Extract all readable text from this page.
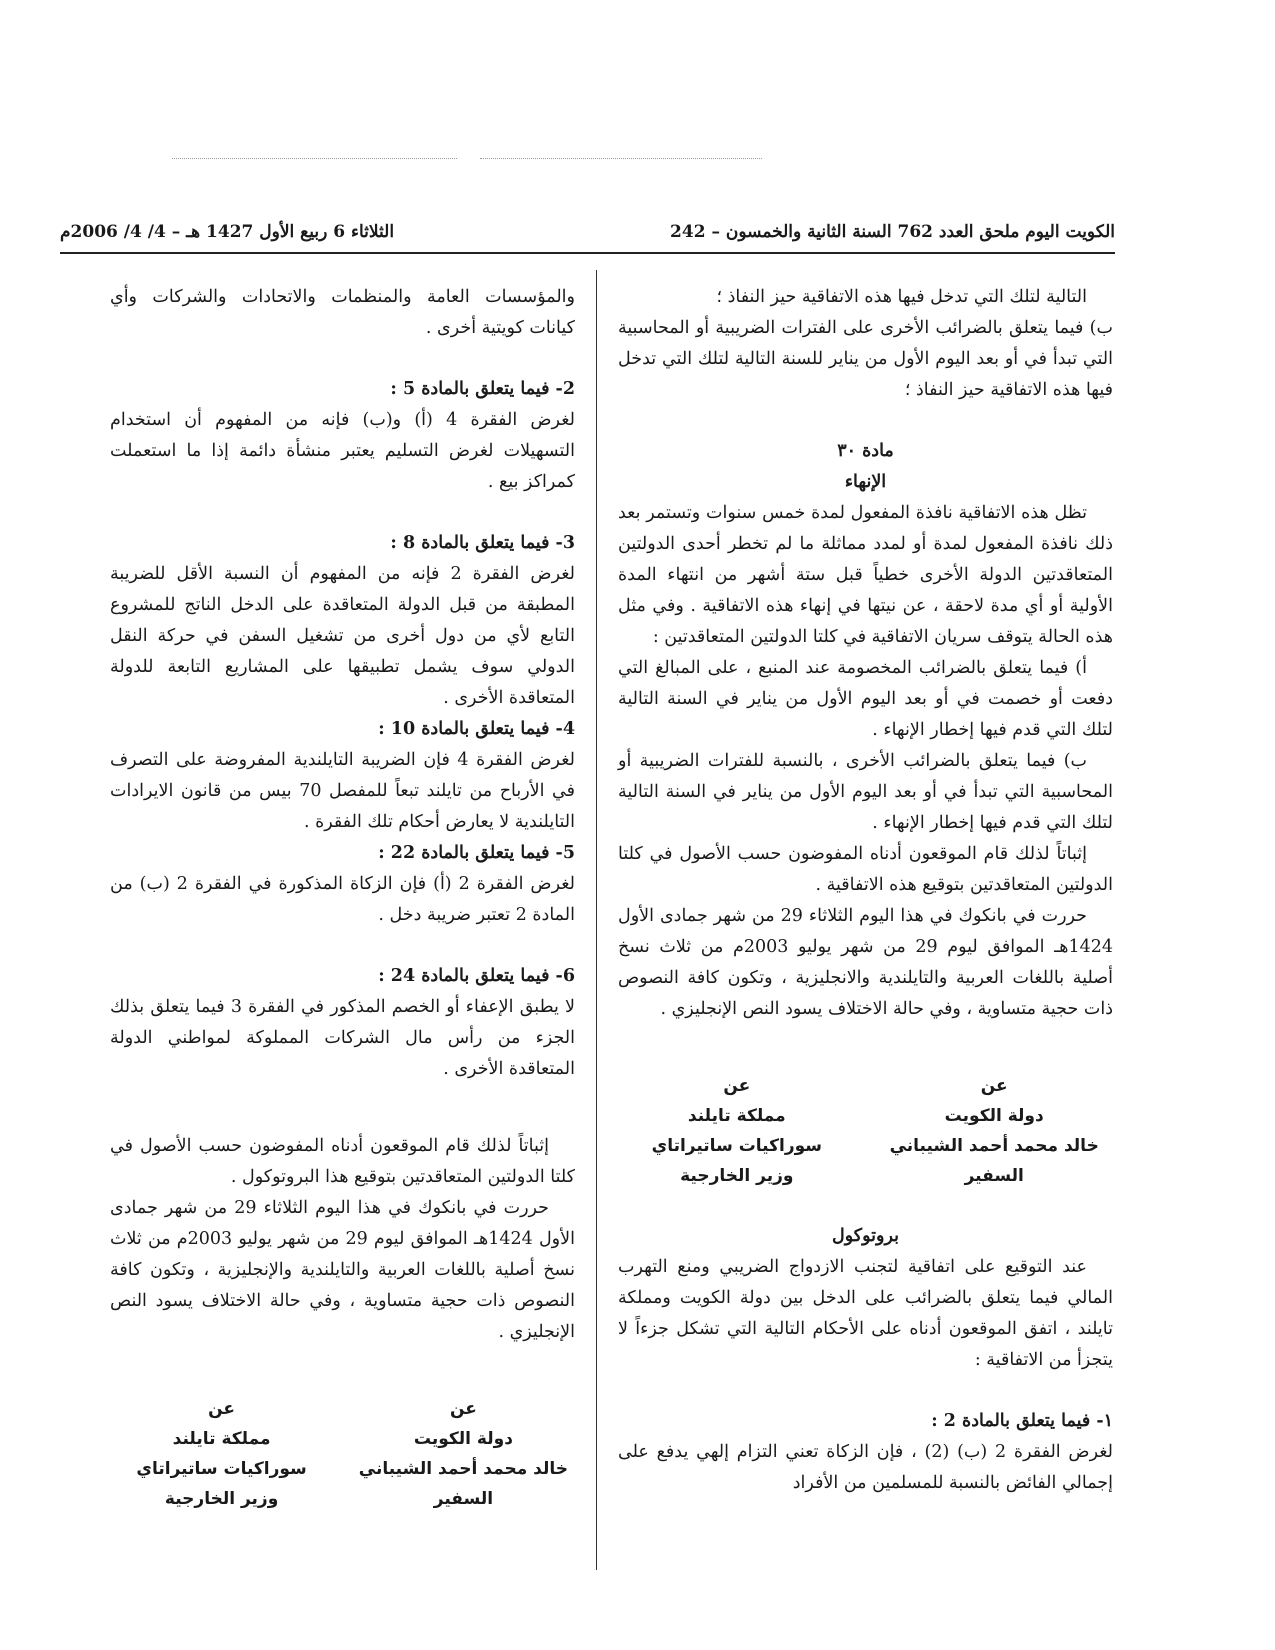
الكويت اليوم ملحق العدد 762 السنة الثانية والخمسون – 242
الثلاثاء 6 ربيع الأول 1427 هـ – 4/ 4/ 2006م

التالية لتلك التي تدخل فيها هذه الاتفاقية حيز النفاذ ؛

ب) فيما يتعلق بالضرائب الأخرى على الفترات الضريبية أو المحاسبية التي تبدأ في أو بعد اليوم الأول من يناير للسنة التالية لتلك التي تدخل فيها هذه الاتفاقية حيز النفاذ ؛

مادة ٣٠

الإنهاء

تظل هذه الاتفاقية نافذة المفعول لمدة خمس سنوات وتستمر بعد ذلك نافذة المفعول لمدة أو لمدد مماثلة ما لم تخطر أحدى الدولتين المتعاقدتين الدولة الأخرى خطياً قبل ستة أشهر من انتهاء المدة الأولية أو أي مدة لاحقة ، عن نيتها في إنهاء هذه الاتفاقية . وفي مثل هذه الحالة يتوقف سريان الاتفاقية في كلتا الدولتين المتعاقدتين :

أ) فيما يتعلق بالضرائب المخصومة عند المنبع ، على المبالغ التي دفعت أو خصمت في أو بعد اليوم الأول من يناير في السنة التالية لتلك التي قدم فيها إخطار الإنهاء .

ب) فيما يتعلق بالضرائب الأخرى ، بالنسبة للفترات الضريبية أو المحاسبية التي تبدأ في أو بعد اليوم الأول من يناير في السنة التالية لتلك التي قدم فيها إخطار الإنهاء .

إثباتاً لذلك قام الموقعون أدناه المفوضون حسب الأصول في كلتا الدولتين المتعاقدتين بتوقيع هذه الاتفاقية .

حررت في بانكوك في هذا اليوم الثلاثاء 29 من شهر جمادى الأول 1424هـ الموافق ليوم 29 من شهر يوليو 2003م من ثلاث نسخ أصلية باللغات العربية والتايلندية والانجليزية ، وتكون كافة النصوص ذات حجية متساوية ، وفي حالة الاختلاف يسود النص الإنجليزي .

عن
دولة الكويت
خالد محمد أحمد الشيباني
السفير
عن
مملكة تايلند
سوراكيات ساتيراتاي
وزير الخارجية

بروتوكول

عند التوقيع على اتفاقية لتجنب الازدواج الضريبي ومنع التهرب المالي فيما يتعلق بالضرائب على الدخل بين دولة الكويت ومملكة تايلند ، اتفق الموقعون أدناه على الأحكام التالية التي تشكل جزءاً لا يتجزأ من الاتفاقية :

١- فيما يتعلق بالمادة 2 :

لغرض الفقرة 2 (ب) (2) ، فإن الزكاة تعني التزام إلهي يدفع على إجمالي الفائض بالنسبة للمسلمين من الأفراد

والمؤسسات العامة والمنظمات والاتحادات والشركات وأي كيانات كويتية أخرى .

2- فيما يتعلق بالمادة 5 :

لغرض الفقرة 4 (أ) و(ب) فإنه من المفهوم أن استخدام التسهيلات لغرض التسليم يعتبر منشأة دائمة إذا ما استعملت كمراكز بيع .

3- فيما يتعلق بالمادة 8 :

لغرض الفقرة 2 فإنه من المفهوم أن النسبة الأقل للضريبة المطبقة من قبل الدولة المتعاقدة على الدخل الناتج للمشروع التابع لأي من دول أخرى من تشغيل السفن في حركة النقل الدولي سوف يشمل تطبيقها على المشاريع التابعة للدولة المتعاقدة الأخرى .

4- فيما يتعلق بالمادة 10 :

لغرض الفقرة 4 فإن الضريبة التايلندية المفروضة على التصرف في الأرباح من تايلند تبعاً للمفصل 70 بيس من قانون الايرادات التايلندية لا يعارض أحكام تلك الفقرة .

5- فيما يتعلق بالمادة 22 :

لغرض الفقرة 2 (أ) فإن الزكاة المذكورة في الفقرة 2 (ب) من المادة 2 تعتبر ضريبة دخل .

6- فيما يتعلق بالمادة 24 :

لا يطبق الإعفاء أو الخصم المذكور في الفقرة 3 فيما يتعلق بذلك الجزء من رأس مال الشركات المملوكة لمواطني الدولة المتعاقدة الأخرى .

إثباتاً لذلك قام الموقعون أدناه المفوضون حسب الأصول في كلتا الدولتين المتعاقدتين بتوقيع هذا البروتوكول .

حررت في بانكوك في هذا اليوم الثلاثاء 29 من شهر جمادى الأول 1424هـ الموافق ليوم 29 من شهر يوليو 2003م من ثلاث نسخ أصلية باللغات العربية والتايلندية والإنجليزية ، وتكون كافة النصوص ذات حجية متساوية ، وفي حالة الاختلاف يسود النص الإنجليزي .

عن
دولة الكويت
خالد محمد أحمد الشيباني
السفير
عن
مملكة تايلند
سوراكيات ساتيراتاي
وزير الخارجية
